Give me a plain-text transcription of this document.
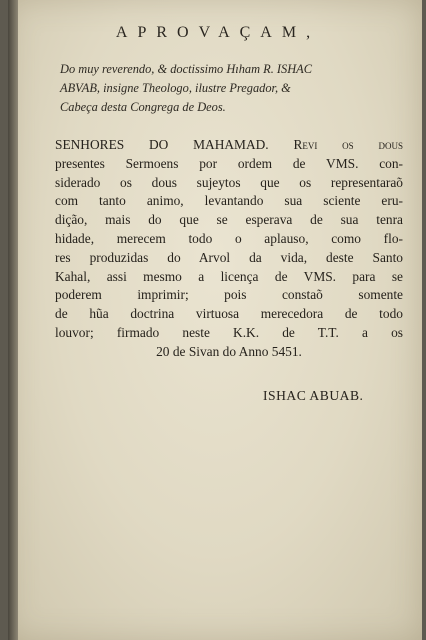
APROVAÇAM,

Do muy reverendo, & doctissimo Hıham R. ISHAC
ABVAB, insigne Theologo, ilustre Pregador, &
Cabeça desta Congrega de Deos.

SENHORES DO MAHAMAD. Revi os dous
presentes Sermoens por ordem de VMS. con-
siderado os dous sujeytos que os representaraõ
com tanto animo, levantando sua sciente eru-
dição, mais do que se esperava de sua tenra
hidade, merecem todo o aplauso, como flo-
res produzidas do Arvol da vida, deste Santo
Kahal, assi mesmo a licença de VMS. para se
poderem imprimir; pois constaõ somente
de hũa doctrina virtuosa merecedora de todo
louvor; firmado neste K.K. de T.T. a os
20 de Sivan do Anno 5451.

ISHAC ABUAB.
